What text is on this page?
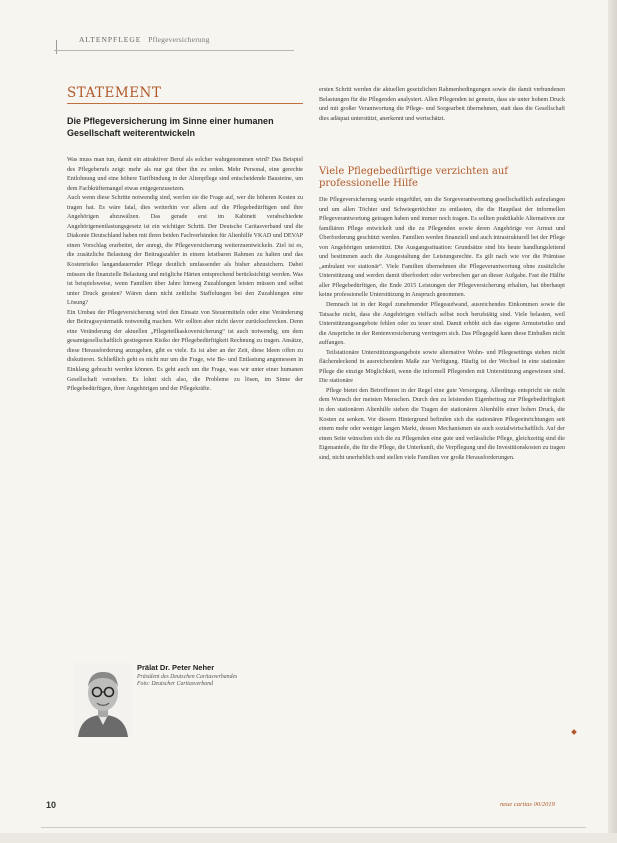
ALTENPFLEGE Pflegeversicherung
STATEMENT
Die Pflegeversicherung im Sinne einer humanen Gesellschaft weiterentwickeln

Was muss man tun, damit ein attraktiver Beruf als solcher wahrgenommen wird? Das Beispiel des Pflegeberufs zeigt: mehr als nur gut über ihn zu reden. Mehr Personal, eine gerechte Entlohnung und eine höhere Tarifbindung in der Altenpflege sind entscheidende Bausteine, um dem Fachkräftemangel etwas entgegenzusetzen.

Auch wenn diese Schritte notwendig sind, werfen sie die Frage auf, wer die höheren Kosten zu tragen hat. Es wäre fatal, dies weiterhin vor allem auf die Pflegebedürftigen und ihre Angehörigen abzuwälzen. Das gerade erst im Kabinett verabschiedete Angehörigenentlastungsgesetz ist ein wichtiger Schritt. Der Deutsche Caritasverband und die Diakonie Deutschland haben mit ihren beiden Fachverbänden für Altenhilfe VKAD und DEVAP einen Vorschlag erarbeitet, der anregt, die Pflegeversicherung weiterzuentwickeln. Ziel ist es, die zusätzliche Belastung der Beitragszahler in einem leistbaren Rahmen zu halten und das Kostenrisiko langandauernder Pflege deutlich umfassender als bisher abzusichern. Dabei müssen die finanzielle Belastung und mögliche Härten entsprechend berücksichtigt werden. Was ist beispielsweise, wenn Familien über Jahre hinweg Zuzahlungen leisten müssen und selbst unter Druck geraten? Wären dann nicht zeitliche Staffelungen bei den Zuzahlungen eine Lösung?

Ein Umbau der Pflegeversicherung wird den Einsatz von Steuermitteln oder eine Veränderung der Beitragssystematik notwendig machen. Wir sollten aber nicht davor zurückschrecken. Denn eine Veränderung der aktuellen „Pflegeteilkaskoversicherung“ ist auch notwendig, um dem gesamtgesellschaftlich gestiegenen Risiko der Pflegebedürftigkeit Rechnung zu tragen. Ansätze, diese Herausforderung anzugehen, gibt es viele. Es ist aber an der Zeit, diese Ideen offen zu diskutieren. Schließlich geht es nicht nur um die Frage, wie Be- und Entlastung angemessen in Einklang gebracht werden können. Es geht auch um die Frage, was wir unter einer humanen Gesellschaft verstehen. Es lohnt sich also, die Probleme zu lösen, im Sinne der Pflegebedürftigen, ihrer Angehörigen und der Pflegekräfte.

Prälat Dr. Peter Neher
Präsident des Deutschen Caritasverbandes
Foto: Deutscher Caritasverband

ersten Schritt werden die aktuellen gesetzlichen Rahmenbedingungen sowie die damit verbundenen Belastungen für die Pflegenden analysiert. Allen Pflegenden ist gemein, dass sie unter hohem Druck und mit großer Verantwortung die Pflege- und Sorgearbeit übernehmen, statt dass die Gesellschaft dies adäquat unterstützt, anerkennt und wertschätzt.

Viele Pflegebedürftige verzichten auf professionelle Hilfe

Die Pflegeversicherung wurde eingeführt, um die Sorgeverantwortung gesellschaftlich aufzufangen und um allen Töchter und Schwiegertöchter zu entlasten, die die Hauptlast der informellen Pflegeverantwortung getragen haben und immer noch tragen. Es sollten praktikable Alternativen zur familiären Pflege entwickelt und die zu Pflegenden sowie deren Angehörige vor Armut und Überforderung geschützt werden. Familien werden finanziell und auch intrastrukturell bei der Pflege von Angehörigen unterstützt. Die Ausgangssituation: Grundsätze sind bis heute handlungsleitend und bestimmen auch die Ausgestaltung der Leistungsrechte. Es gilt nach wie vor die Prämisse „ambulant vor stationär“. Viele Familien übernehmen die Pflegeverantwortung ohne zusätzliche Unterstützung und werden damit überfordert oder verbrechen gar an dieser Aufgabe. Fast die Hälfte aller Pflegebedürftigen, die Ende 2015 Leistungen der Pflegeversicherung erhalten, hat überhaupt keine professionelle Unterstützung in Anspruch genommen.

Demnach ist in der Regel zunehmender Pflegeaufwand, ausreichendes Einkommen sowie die Tatsache nicht, dass die Angehörigen vielfach selbst noch berufstätig sind. Viele belasten, weil Unterstützungsangebote fehlen oder zu teuer sind. Damit erhöht sich das eigene Armutsrisiko und die Ansprüche in der Rentenversicherung verringern sich. Das Pflegegeld kann diese Einbußen nicht auffangen.

Teilstationäre Unterstützungsangebote sowie alternative Wohn- und Pflegesettings stehen nicht flächendeckend in ausreichendem Maße zur Verfügung. Häufig ist der Wechsel in eine stationäre Pflege die einzige Möglichkeit, wenn die informell Pflegenden mit Unterstützung angewiesen sind. Die stationäre

Pflege bietet den Betroffenen in der Regel eine gute Versorgung. Allerdings entspricht sie nicht dem Wunsch der meisten Menschen. Durch den zu leistenden Eigenbeitrag zur Pflegebedürftigkeit in den stationären Altenhilfe stehen die Tragen der stationären Altenhilfe einer hohen Druck, die Kosten zu senken. Vor diesem Hintergrund befinden sich die stationären Pflegeeinrichtungen seit einem mehr oder weniger langen Markt, dessen Mechanismen sie auch sozialwirtschaftlich. Auf der einen Seite wünschen sich die zu Pflegenden eine gute und verlässliche Pflege, gleichzeitig sind die Eigenanteile, die für die Pflege, die Unterkunft, die Verpflegung und die Investitionskosten zu tragen sind, nicht unerheblich und stellen viele Familien vor große Herausforderungen.

10	neue caritas 00/2019
